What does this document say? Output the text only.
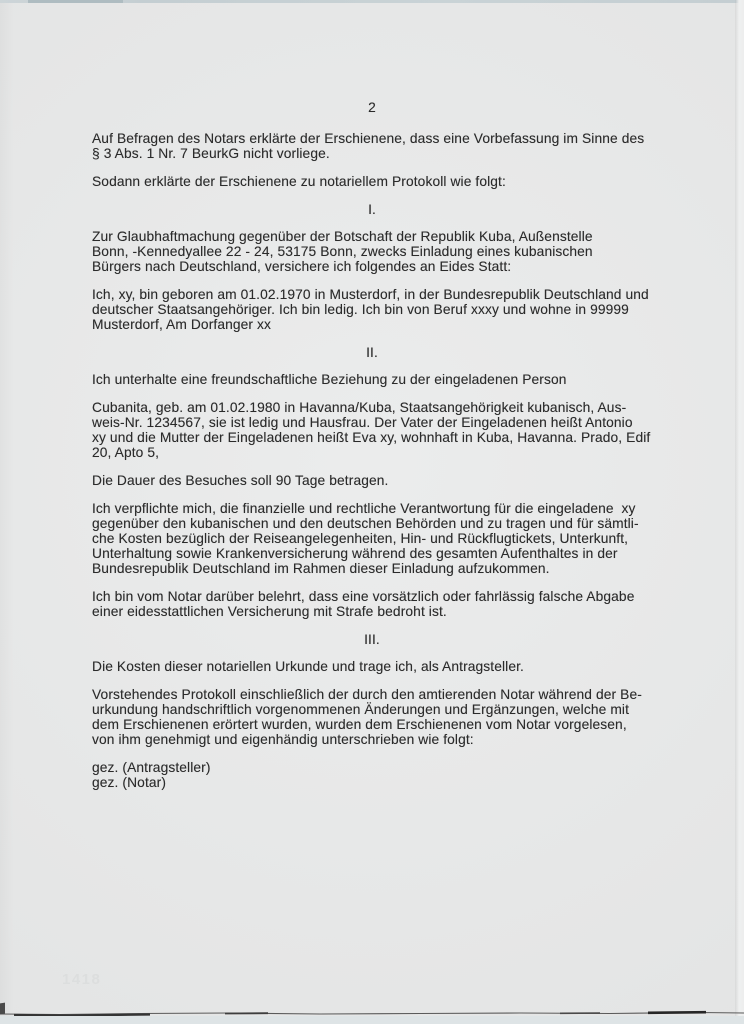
2
Auf Befragen des Notars erklärte der Erschienene, dass eine Vorbefassung im Sinne des
§ 3 Abs. 1 Nr. 7 BeurkG nicht vorliege.
Sodann erklärte der Erschienene zu notariellem Protokoll wie folgt:
I.
Zur Glaubhaftmachung gegenüber der Botschaft der Republik Kuba, Außenstelle
Bonn, -Kennedyallee 22 - 24, 53175 Bonn, zwecks Einladung eines kubanischen
Bürgers nach Deutschland, versichere ich folgendes an Eides Statt:
Ich, xy, bin geboren am 01.02.1970 in Musterdorf, in der Bundesrepublik Deutschland und
deutscher Staatsangehöriger. Ich bin ledig. Ich bin von Beruf xxxy und wohne in 99999
Musterdorf, Am Dorfanger xx
II.
Ich unterhalte eine freundschaftliche Beziehung zu der eingeladenen Person
Cubanita, geb. am 01.02.1980 in Havanna/Kuba, Staatsangehörigkeit kubanisch, Aus-
weis-Nr. 1234567, sie ist ledig und Hausfrau. Der Vater der Eingeladenen heißt Antonio
xy und die Mutter der Eingeladenen heißt Eva xy, wohnhaft in Kuba, Havanna. Prado, Edif
20, Apto 5,
Die Dauer des Besuches soll 90 Tage betragen.
Ich verpflichte mich, die finanzielle und rechtliche Verantwortung für die eingeladene  xy
gegenüber den kubanischen und den deutschen Behörden und zu tragen und für sämtli-
che Kosten bezüglich der Reiseangelegenheiten, Hin- und Rückflugtickets, Unterkunft,
Unterhaltung sowie Krankenversicherung während des gesamten Aufenthaltes in der
Bundesrepublik Deutschland im Rahmen dieser Einladung aufzukommen.
Ich bin vom Notar darüber belehrt, dass eine vorsätzlich oder fahrlässig falsche Abgabe
einer eidesstattlichen Versicherung mit Strafe bedroht ist.
III.
Die Kosten dieser notariellen Urkunde und trage ich, als Antragsteller.
Vorstehendes Protokoll einschließlich der durch den amtierenden Notar während der Be-
urkundung handschriftlich vorgenommenen Änderungen und Ergänzungen, welche mit
dem Erschienenen erörtert wurden, wurden dem Erschienenen vom Notar vorgelesen,
von ihm genehmigt und eigenhändig unterschrieben wie folgt:
gez. (Antragsteller)
gez. (Notar)
1418
